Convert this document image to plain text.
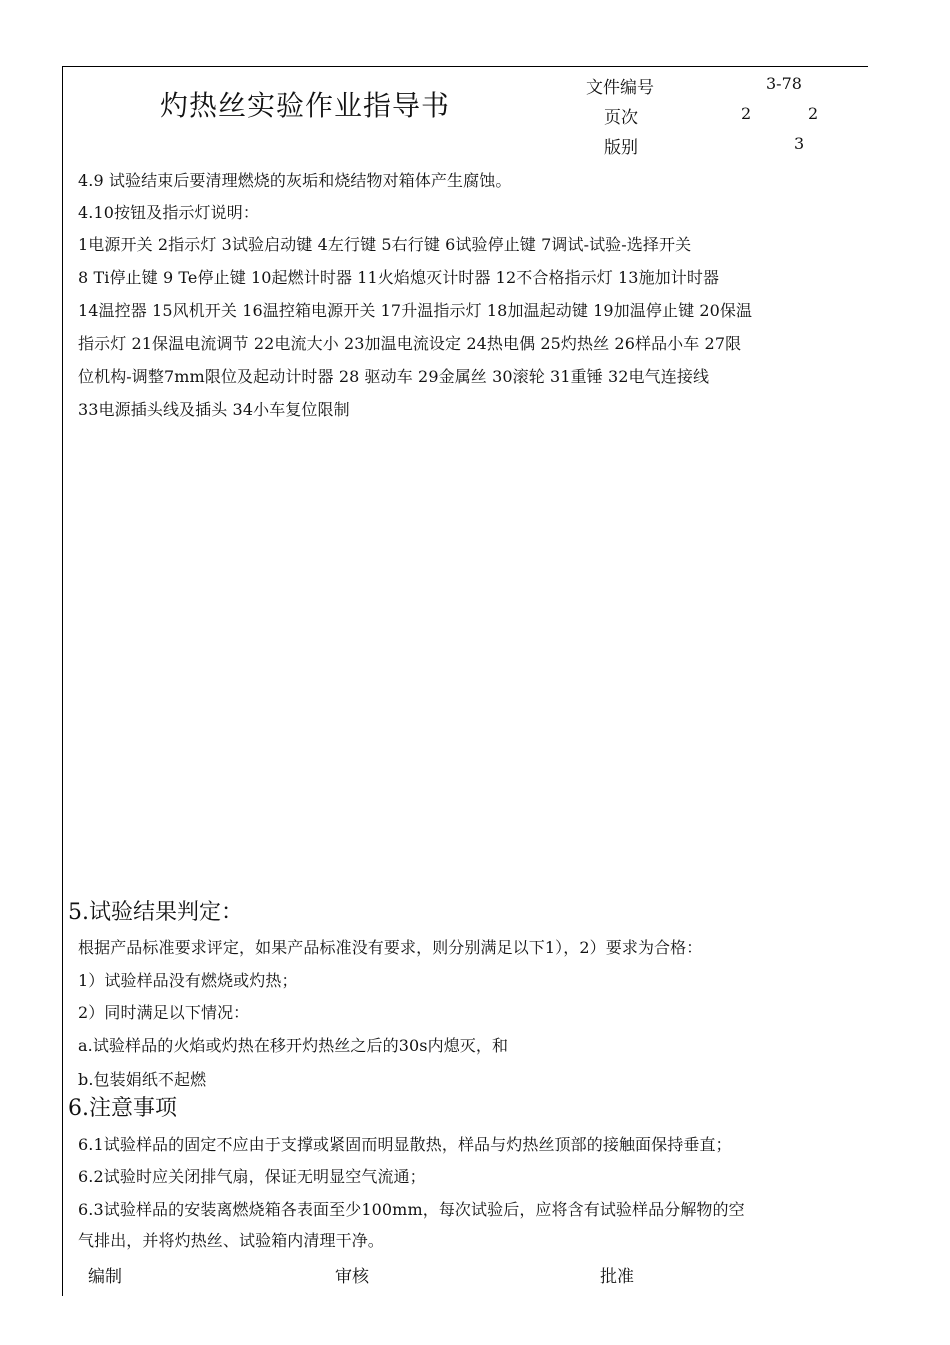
灼热丝实验作业指导书
文件编号	3-78
页次	2	2
版别	3
4.9 试验结束后要清理燃烧的灰垢和烧结物对箱体产生腐蚀。
4.10按钮及指示灯说明：
1电源开关 2指示灯 3试验启动键 4左行键 5右行键 6试验停止键 7调试-试验-选择开关
8 Ti停止键 9 Te停止键 10起燃计时器 11火焰熄灭计时器 12不合格指示灯 13施加计时器
14温控器 15风机开关 16温控箱电源开关 17升温指示灯 18加温起动键 19加温停止键 20保温
指示灯 21保温电流调节 22电流大小 23加温电流设定 24热电偶 25灼热丝 26样品小车 27限
位机构-调整7mm限位及起动计时器 28 驱动车 29金属丝 30滚轮 31重锤 32电气连接线
33电源插头线及插头 34小车复位限制
5.试验结果判定：
根据产品标准要求评定，如果产品标准没有要求，则分别满足以下1），2）要求为合格：
1）试验样品没有燃烧或灼热；
2）同时满足以下情况：
a.试验样品的火焰或灼热在移开灼热丝之后的30s内熄灭，和
b.包装娟纸不起燃
6.注意事项
6.1试验样品的固定不应由于支撑或紧固而明显散热，样品与灼热丝顶部的接触面保持垂直；
6.2试验时应关闭排气扇，保证无明显空气流通；
6.3试验样品的安装离燃烧箱各表面至少100mm，每次试验后，应将含有试验样品分解物的空
气排出，并将灼热丝、试验箱内清理干净。
编制	审核	批准
